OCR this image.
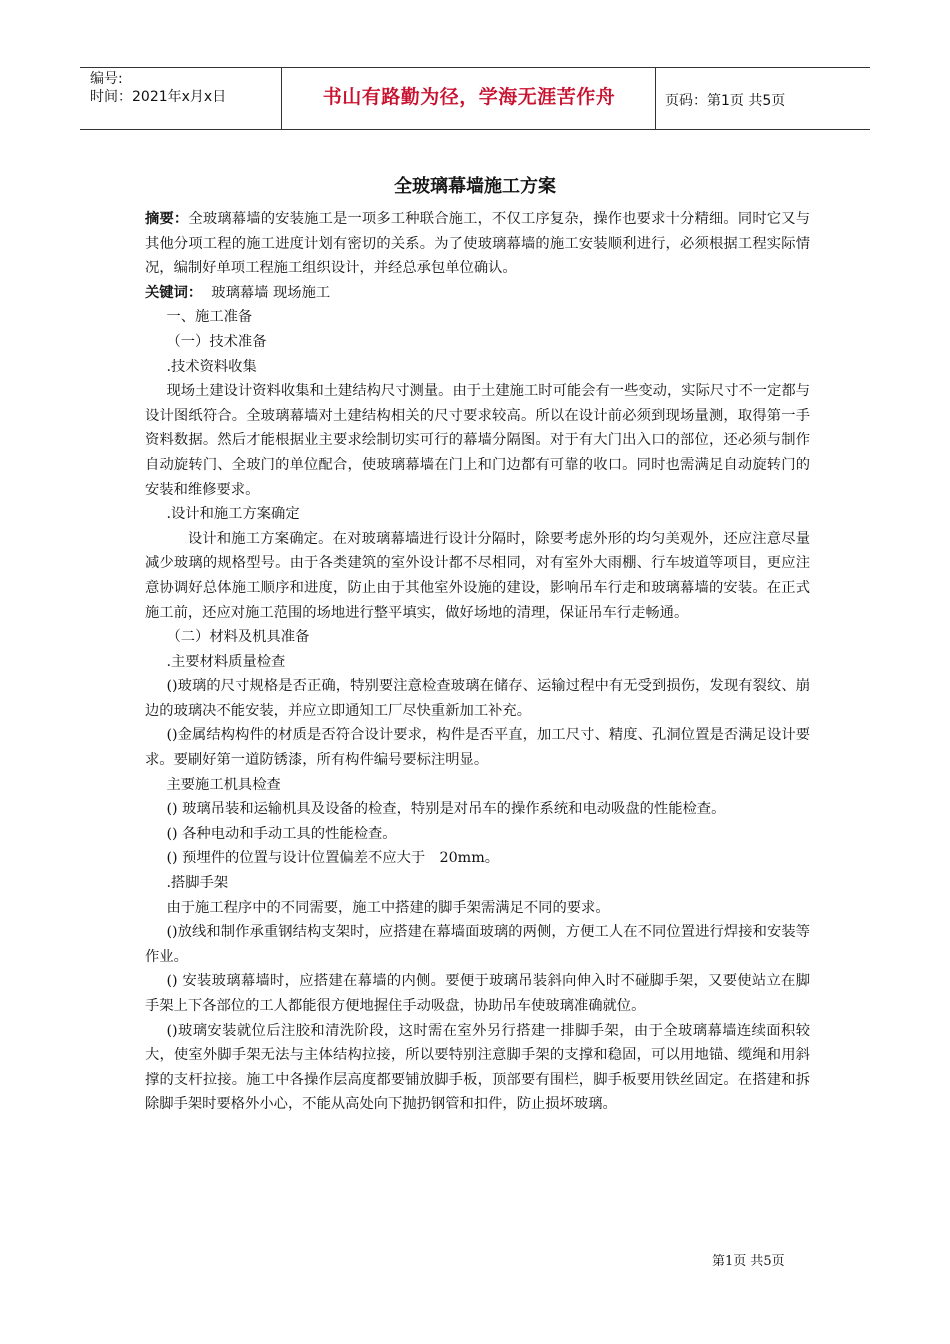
编号:
时间：2021年x月x日	书山有路勤为径，学海无涯苦作舟	页码：第1页 共5页
全玻璃幕墙施工方案

摘要：全玻璃幕墙的安装施工是一项多工种联合施工，不仅工序复杂，操作也要求十分精细。同时它又与其他分项工程的施工进度计划有密切的关系。为了使玻璃幕墙的施工安装顺利进行，必须根据工程实际情况，编制好单项工程施工组织设计，并经总承包单位确认。

关键词： 玻璃幕墙 现场施工

一、施工准备

（一）技术准备

.技术资料收集

现场土建设计资料收集和土建结构尺寸测量。由于土建施工时可能会有一些变动，实际尺寸不一定都与设计图纸符合。全玻璃幕墙对土建结构相关的尺寸要求较高。所以在设计前必须到现场量测，取得第一手资料数据。然后才能根据业主要求绘制切实可行的幕墙分隔图。对于有大门出入口的部位，还必须与制作自动旋转门、全玻门的单位配合，使玻璃幕墙在门上和门边都有可靠的收口。同时也需满足自动旋转门的安装和维修要求。

.设计和施工方案确定

设计和施工方案确定。在对玻璃幕墙进行设计分隔时，除要考虑外形的均匀美观外，还应注意尽量减少玻璃的规格型号。由于各类建筑的室外设计都不尽相同，对有室外大雨棚、行车坡道等项目，更应注意协调好总体施工顺序和进度，防止由于其他室外设施的建设，影响吊车行走和玻璃幕墙的安装。在正式施工前，还应对施工范围的场地进行整平填实，做好场地的清理，保证吊车行走畅通。

（二）材料及机具准备

.主要材料质量检查

()玻璃的尺寸规格是否正确，特别要注意检查玻璃在储存、运输过程中有无受到损伤，发现有裂纹、崩边的玻璃决不能安装，并应立即通知工厂尽快重新加工补充。

()金属结构构件的材质是否符合设计要求，构件是否平直，加工尺寸、精度、孔洞位置是否满足设计要求。要刷好第一道防锈漆，所有构件编号要标注明显。

主要施工机具检查

() 玻璃吊装和运输机具及设备的检查，特别是对吊车的操作系统和电动吸盘的性能检查。

() 各种电动和手动工具的性能检查。

() 预埋件的位置与设计位置偏差不应大于　20mm。

.搭脚手架

由于施工程序中的不同需要，施工中搭建的脚手架需满足不同的要求。

()放线和制作承重钢结构支架时，应搭建在幕墙面玻璃的两侧，方便工人在不同位置进行焊接和安装等作业。

() 安装玻璃幕墙时，应搭建在幕墙的内侧。要便于玻璃吊装斜向伸入时不碰脚手架，又要使站立在脚手架上下各部位的工人都能很方便地握住手动吸盘，协助吊车使玻璃准确就位。

()玻璃安装就位后注胶和清洗阶段，这时需在室外另行搭建一排脚手架，由于全玻璃幕墙连续面积较大，使室外脚手架无法与主体结构拉接，所以要特别注意脚手架的支撑和稳固，可以用地锚、缆绳和用斜撑的支杆拉接。施工中各操作层高度都要铺放脚手板，顶部要有围栏，脚手板要用铁丝固定。在搭建和拆除脚手架时要格外小心，不能从高处向下抛扔钢管和扣件，防止损坏玻璃。

第1页 共5页
